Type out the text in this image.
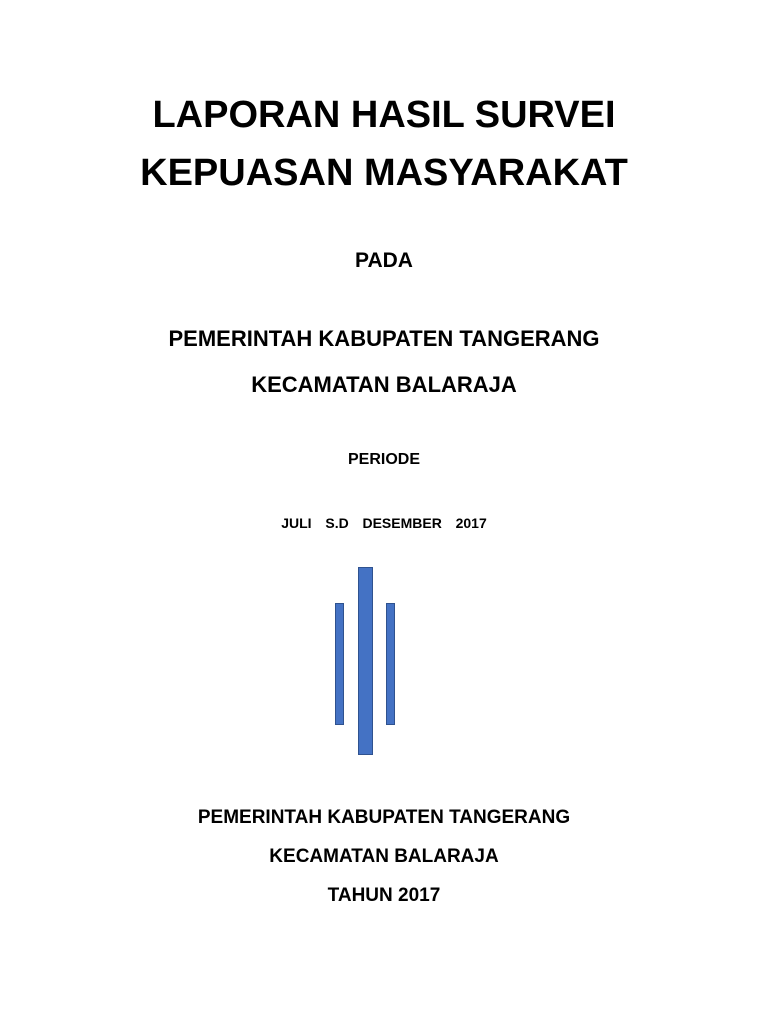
LAPORAN HASIL SURVEI
KEPUASAN MASYARAKAT

PADA

PEMERINTAH KABUPATEN TANGERANG

KECAMATAN BALARAJA

PERIODE

JULI  S.D  DESEMBER  2017

PEMERINTAH KABUPATEN TANGERANG

KECAMATAN BALARAJA

TAHUN 2017
